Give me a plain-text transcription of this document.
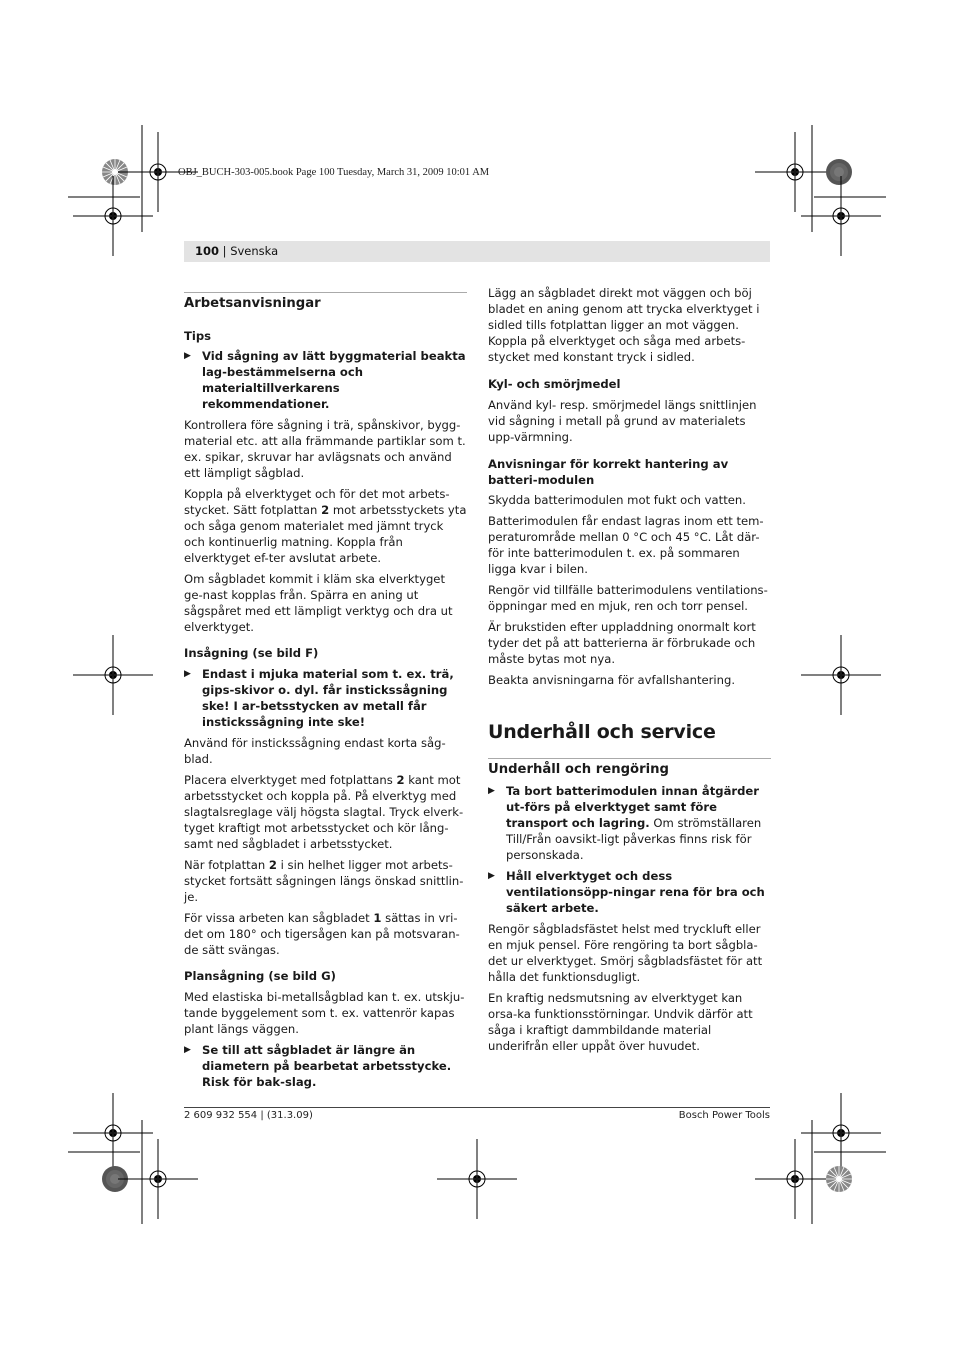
OBJ_BUCH-303-005.book Page 100 Tuesday, March 31, 2009 10:01 AM
100 | Svenska
Arbetsanvisningar
Tips
▶ Vid sågning av lätt byggmaterial beakta lag-bestämmelserna och materialtillverkarens rekommendationer.

Kontrollera före sågning i trä, spånskivor, bygg-material etc. att alla främmande partiklar som t. ex. spikar, skruvar har avlägsnats och använd ett lämpligt sågblad.

Koppla på elverktyget och för det mot arbets-stycket. Sätt fotplattan 2 mot arbetsstyckets yta och såga genom materialet med jämnt tryck och kontinuerlig matning. Koppla från elverktyget ef-ter avslutat arbete.

Om sågbladet kommit i kläm ska elverktyget ge-nast kopplas från. Spärra en aning ut sågspåret med ett lämpligt verktyg och dra ut elverktyget.

Insågning (se bild F)
▶ Endast i mjuka material som t. ex. trä, gips-skivor o. dyl. får instickssågning ske! I ar-betsstycken av metall får instickssågning inte ske!

Använd för instickssågning endast korta såg-blad.

Placera elverktyget med fotplattans 2 kant mot arbetsstycket och koppla på. På elverktyg med slagtalsreglage välj högsta slagtal. Tryck elverk-tyget kraftigt mot arbetsstycket och kör lång-samt ned sågbladet i arbetsstycket.

När fotplattan 2 i sin helhet ligger mot arbets-stycket fortsätt sågningen längs önskad snittlin-je.

För vissa arbeten kan sågbladet 1 sättas in vri-det om 180° och tigersågen kan på motsvaran-de sätt svängas.

Plansågning (se bild G)

Med elastiska bi-metallsågblad kan t. ex. utskju-tande byggelement som t. ex. vattenrör kapas plant längs väggen.

▶ Se till att sågbladet är längre än diametern på bearbetat arbetsstycke. Risk för bak-slag.

Lägg an sågbladet direkt mot väggen och böj bladet en aning genom att trycka elverktyget i sidled tills fotplattan ligger an mot väggen. Koppla på elverktyget och såga med arbets-stycket med konstant tryck i sidled.

Kyl- och smörjmedel

Använd kyl- resp. smörjmedel längs snittlinjen vid sågning i metall på grund av materialets upp-värmning.

Anvisningar för korrekt hantering av batteri-modulen

Skydda batterimodulen mot fukt och vatten.

Batterimodulen får endast lagras inom ett tem-peraturområde mellan 0 °C och 45 °C. Låt där-för inte batterimodulen t. ex. på sommaren ligga kvar i bilen.

Rengör vid tillfälle batterimodulens ventilations-öppningar med en mjuk, ren och torr pensel.

Är brukstiden efter uppladdning onormalt kort tyder det på att batterierna är förbrukade och måste bytas mot nya.

Beakta anvisningarna för avfallshantering.

Underhåll och service
Underhåll och rengöring
▶ Ta bort batterimodulen innan åtgärder ut-förs på elverktyget samt före transport och lagring. Om strömställaren Till/Från oavsikt-ligt påverkas finns risk för personskada.
▶ Håll elverktyget och dess ventilationsöpp-ningar rena för bra och säkert arbete.

Rengör sågbladsfästet helst med tryckluft eller en mjuk pensel. Före rengöring ta bort sågbla-det ur elverktyget. Smörj sågbladsfästet för att hålla det funktionsdugligt.

En kraftig nedsmutsning av elverktyget kan orsa-ka funktionsstörningar. Undvik därför att såga i kraftigt dammbildande material underifrån eller uppåt över huvudet.

2 609 932 554 | (31.3.09)	Bosch Power Tools
